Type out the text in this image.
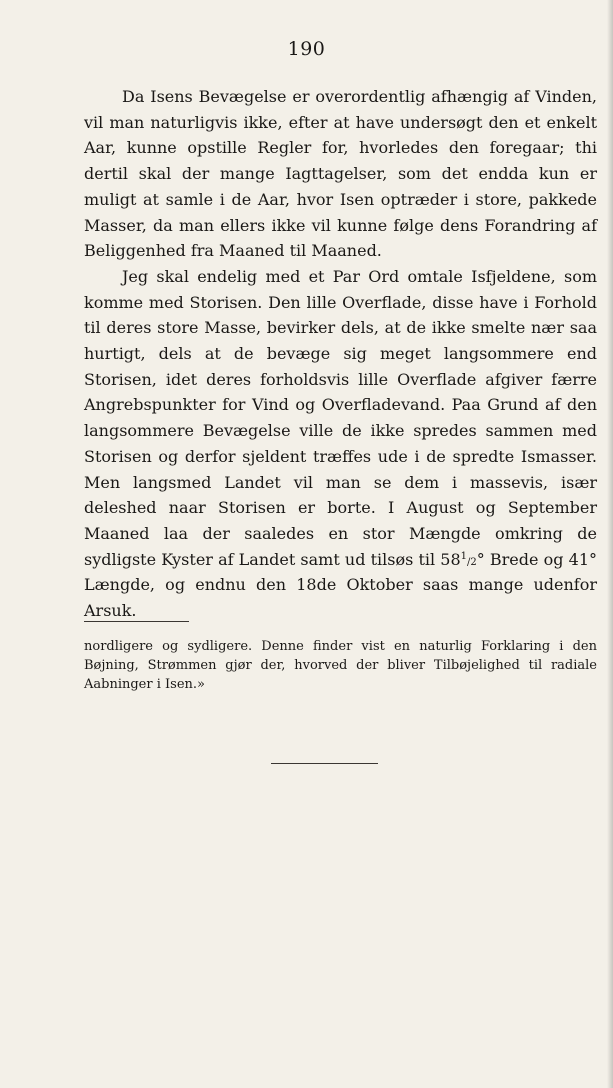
190

Da Isens Bevægelse er overordentlig afhængig af Vinden, vil man naturligvis ikke, efter at have undersøgt den et enkelt Aar, kunne opstille Regler for, hvorledes den foregaar; thi dertil skal der mange Iagttagelser, som det endda kun er muligt at samle i de Aar, hvor Isen optræder i store, pakkede Masser, da man ellers ikke vil kunne følge dens Forandring af Beliggenhed fra Maaned til Maaned.

Jeg skal endelig med et Par Ord omtale Isfjeldene, som komme med Storisen. Den lille Overflade, disse have i Forhold til deres store Masse, bevirker dels, at de ikke smelte nær saa hurtigt, dels at de bevæge sig meget langsommere end Storisen, idet deres forholdsvis lille Overflade afgiver færre Angrebspunkter for Vind og Overfladevand. Paa Grund af den langsommere Bevægelse ville de ikke spredes sammen med Storisen og derfor sjeldent træffes ude i de spredte Ismasser. Men langsmed Landet vil man se dem i massevis, især deleshed naar Storisen er borte. I August og September Maaned laa der saaledes en stor Mængde omkring de sydligste Kyster af Landet samt ud tilsøs til $58^1/2^\circ$ Brede og 41° Længde, og endnu den 18de Oktober saas mange udenfor Arsuk.

nordligere og sydligere. Denne finder vist en naturlig Forklaring i den Bøjning, Strømmen gjør der, hvorved der bliver Tilbøjelighed til radiale Aabninger i Isen.»
